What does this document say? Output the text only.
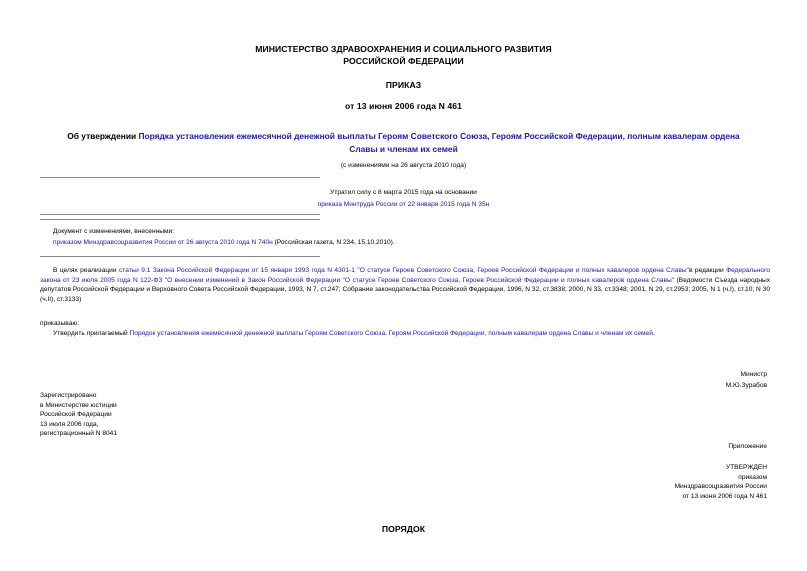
МИНИСТЕРСТВО ЗДРАВООХРАНЕНИЯ И СОЦИАЛЬНОГО РАЗВИТИЯ
РОССИЙСКОЙ ФЕДЕРАЦИИ
ПРИКАЗ
от 13 июня 2006 года N 461
Об утверждении Порядка установления ежемесячной денежной выплаты Героям Советского Союза, Героям Российской Федерации, полным кавалерам ордена
Славы и членам их семей
(с изменениями на 26 августа 2010 года)
Утратил силу с 8 марта 2015 года на основании
приказа Минтруда России от 22 января 2015 года N 35н
Документ с изменениями, внесенными:
приказом Минздравсоцразвития России от 26 августа 2010 года N 740н (Российская газета, N 234, 15.10.2010).
В целях реализации статьи 9.1 Закона Российской Федерации от 15 января 1993 года N 4301-1 "О статусе Героев Советского Союза, Героев Российской Федерации и полных кавалеров ордена Славы"в редакции Федерального закона от 23 июля 2005 года N 122-ФЗ "О внесении изменений в Закон Российской Федерации "О статусе Героев Советского Союза, Героев Российской Федерации и полных кавалеров ордена Славы" (Ведомости Съезда народных депутатов Российской Федерации и Верховного Совета Российской Федерации, 1993, N 7, ст.247; Собрание законодательства Российской Федерации, 1996, N 32, ст.3838; 2000, N 33, ст.3348; 2001, N 29, ст.2953; 2005, N 1 (ч.I), ст.10; N 30 (ч.II), ст.3133)
приказываю:
Утвердить прилагаемый Порядок установления ежемесячной денежной выплаты Героям Советского Союза, Героям Российской Федерации, полным кавалерам ордена Славы и членам их семей.
Министр
М.Ю.Зурабов
Зарегистрировано
в Министерстве юстиции
Российской Федерации
13 июля 2006 года,
регистрационный N 8041
Приложение
УТВЕРЖДЕН
приказом
Минздравсоцразвития России
от 13 июня 2006 года N 461
ПОРЯДОК
